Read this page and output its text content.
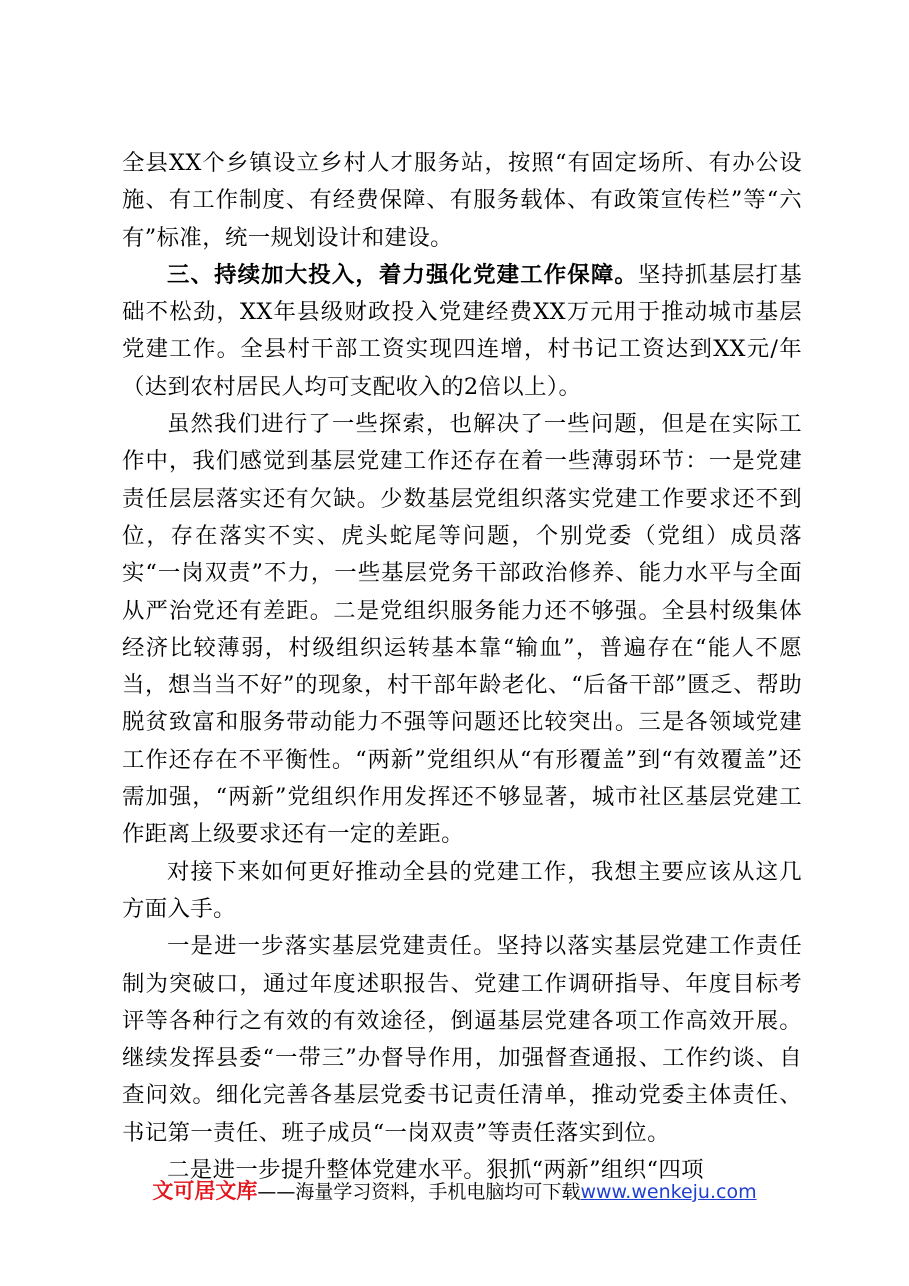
全县XX个乡镇设立乡村人才服务站，按照“有固定场所、有办公设施、有工作制度、有经费保障、有服务载体、有政策宣传栏”等“六有”标准，统一规划设计和建设。

三、持续加大投入，着力强化党建工作保障。坚持抓基层打基础不松劲，XX年县级财政投入党建经费XX万元用于推动城市基层党建工作。全县村干部工资实现四连增，村书记工资达到XX元/年（达到农村居民人均可支配收入的2倍以上）。

虽然我们进行了一些探索，也解决了一些问题，但是在实际工作中，我们感觉到基层党建工作还存在着一些薄弱环节：一是党建责任层层落实还有欠缺。少数基层党组织落实党建工作要求还不到位，存在落实不实、虎头蛇尾等问题，个别党委（党组）成员落实“一岗双责”不力，一些基层党务干部政治修养、能力水平与全面从严治党还有差距。二是党组织服务能力还不够强。全县村级集体经济比较薄弱，村级组织运转基本靠“输血”，普遍存在“能人不愿当，想当当不好”的现象，村干部年龄老化、“后备干部”匮乏、帮助脱贫致富和服务带动能力不强等问题还比较突出。三是各领域党建工作还存在不平衡性。“两新”党组织从“有形覆盖”到“有效覆盖”还需加强，“两新”党组织作用发挥还不够显著，城市社区基层党建工作距离上级要求还有一定的差距。

对接下来如何更好推动全县的党建工作，我想主要应该从这几方面入手。

一是进一步落实基层党建责任。坚持以落实基层党建工作责任制为突破口，通过年度述职报告、党建工作调研指导、年度目标考评等各种行之有效的有效途径，倒逼基层党建各项工作高效开展。继续发挥县委“一带三”办督导作用，加强督查通报、工作约谈、自查问效。细化完善各基层党委书记责任清单，推动党委主体责任、书记第一责任、班子成员“一岗双责”等责任落实到位。

二是进一步提升整体党建水平。狠抓“两新”组织“四项

文可居文库——海量学习资料，手机电脑均可下载www.wenkeju.com
